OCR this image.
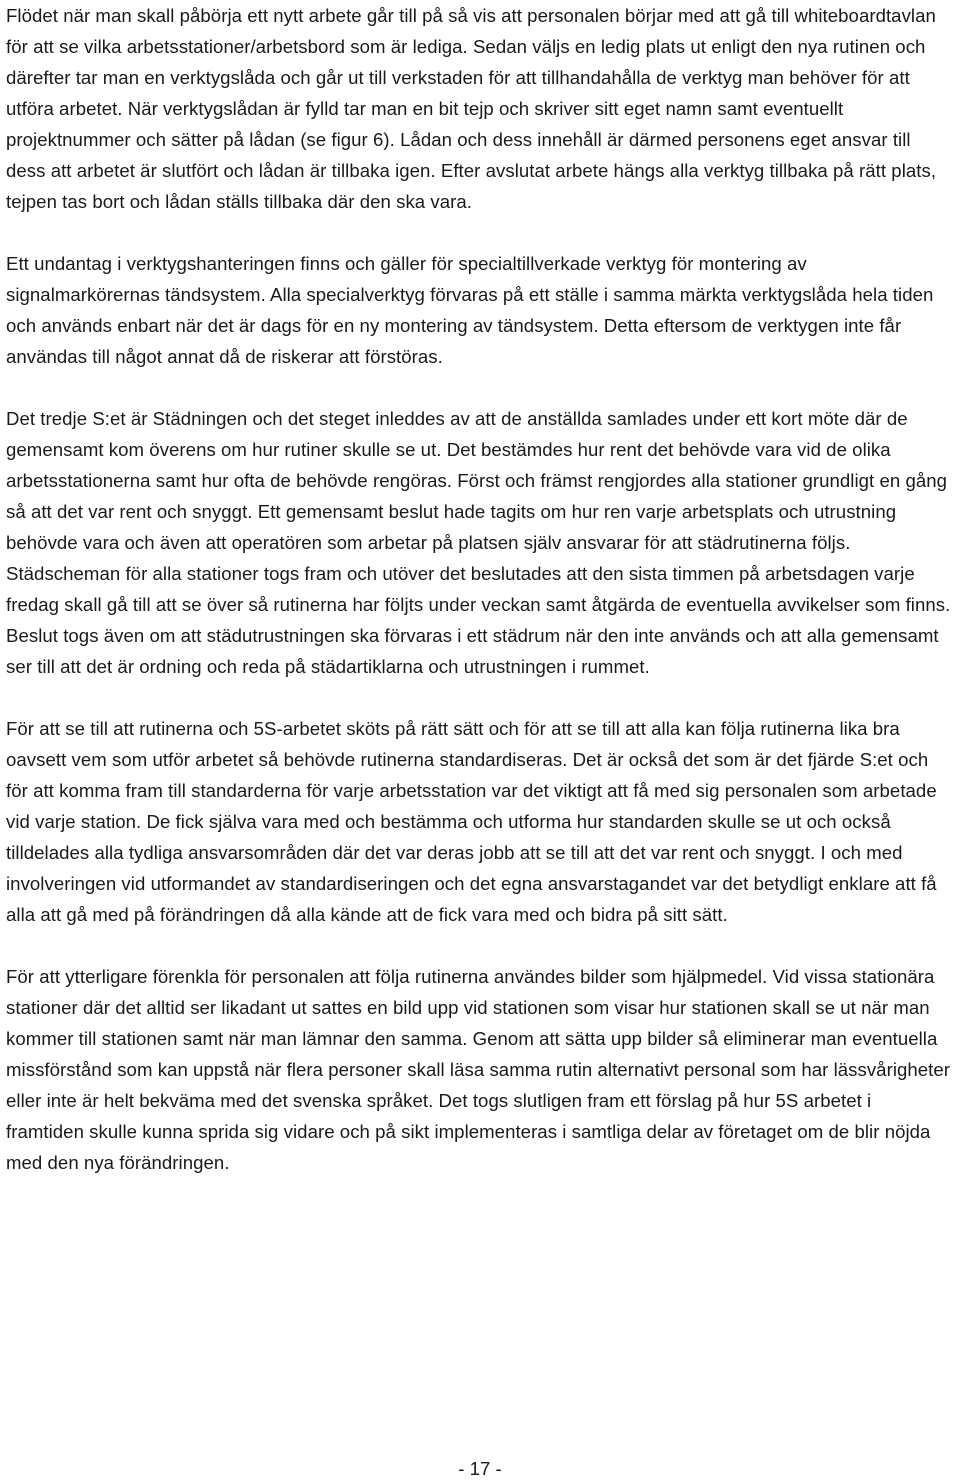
Flödet när man skall påbörja ett nytt arbete går till på så vis att personalen börjar med att gå till whiteboardtavlan för att se vilka arbetsstationer/arbetsbord som är lediga. Sedan väljs en ledig plats ut enligt den nya rutinen och därefter tar man en verktygslåda och går ut till verkstaden för att tillhandahålla de verktyg man behöver för att utföra arbetet. När verktygslådan är fylld tar man en bit tejp och skriver sitt eget namn samt eventuellt projektnummer och sätter på lådan (se figur 6). Lådan och dess innehåll är därmed personens eget ansvar till dess att arbetet är slutfört och lådan är tillbaka igen. Efter avslutat arbete hängs alla verktyg tillbaka på rätt plats, tejpen tas bort och lådan ställs tillbaka där den ska vara.

Ett undantag i verktygshanteringen finns och gäller för specialtillverkade verktyg för montering av signalmarkörernas tändsystem. Alla specialverktyg förvaras på ett ställe i samma märkta verktygslåda hela tiden och används enbart när det är dags för en ny montering av tändsystem. Detta eftersom de verktygen inte får användas till något annat då de riskerar att förstöras.

Det tredje S:et är Städningen och det steget inleddes av att de anställda samlades under ett kort möte där de gemensamt kom överens om hur rutiner skulle se ut. Det bestämdes hur rent det behövde vara vid de olika arbetsstationerna samt hur ofta de behövde rengöras. Först och främst rengjordes alla stationer grundligt en gång så att det var rent och snyggt. Ett gemensamt beslut hade tagits om hur ren varje arbetsplats och utrustning behövde vara och även att operatören som arbetar på platsen själv ansvarar för att städrutinerna följs. Städscheman för alla stationer togs fram och utöver det beslutades att den sista timmen på arbetsdagen varje fredag skall gå till att se över så rutinerna har följts under veckan samt åtgärda de eventuella avvikelser som finns. Beslut togs även om att städutrustningen ska förvaras i ett städrum när den inte används och att alla gemensamt ser till att det är ordning och reda på städartiklarna och utrustningen i rummet.

För att se till att rutinerna och 5S-arbetet sköts på rätt sätt och för att se till att alla kan följa rutinerna lika bra oavsett vem som utför arbetet så behövde rutinerna standardiseras. Det är också det som är det fjärde S:et och för att komma fram till standarderna för varje arbetsstation var det viktigt att få med sig personalen som arbetade vid varje station. De fick själva vara med och bestämma och utforma hur standarden skulle se ut och också tilldelades alla tydliga ansvarsområden där det var deras jobb att se till att det var rent och snyggt. I och med involveringen vid utformandet av standardiseringen och det egna ansvarstagandet var det betydligt enklare att få alla att gå med på förändringen då alla kände att de fick vara med och bidra på sitt sätt.

För att ytterligare förenkla för personalen att följa rutinerna användes bilder som hjälpmedel. Vid vissa stationära stationer där det alltid ser likadant ut sattes en bild upp vid stationen som visar hur stationen skall se ut när man kommer till stationen samt när man lämnar den samma. Genom att sätta upp bilder så eliminerar man eventuella missförstånd som kan uppstå när flera personer skall läsa samma rutin alternativt personal som har lässvårigheter eller inte är helt bekväma med det svenska språket. Det togs slutligen fram ett förslag på hur 5S arbetet i framtiden skulle kunna sprida sig vidare och på sikt implementeras i samtliga delar av företaget om de blir nöjda med den nya förändringen.

- 17 -
